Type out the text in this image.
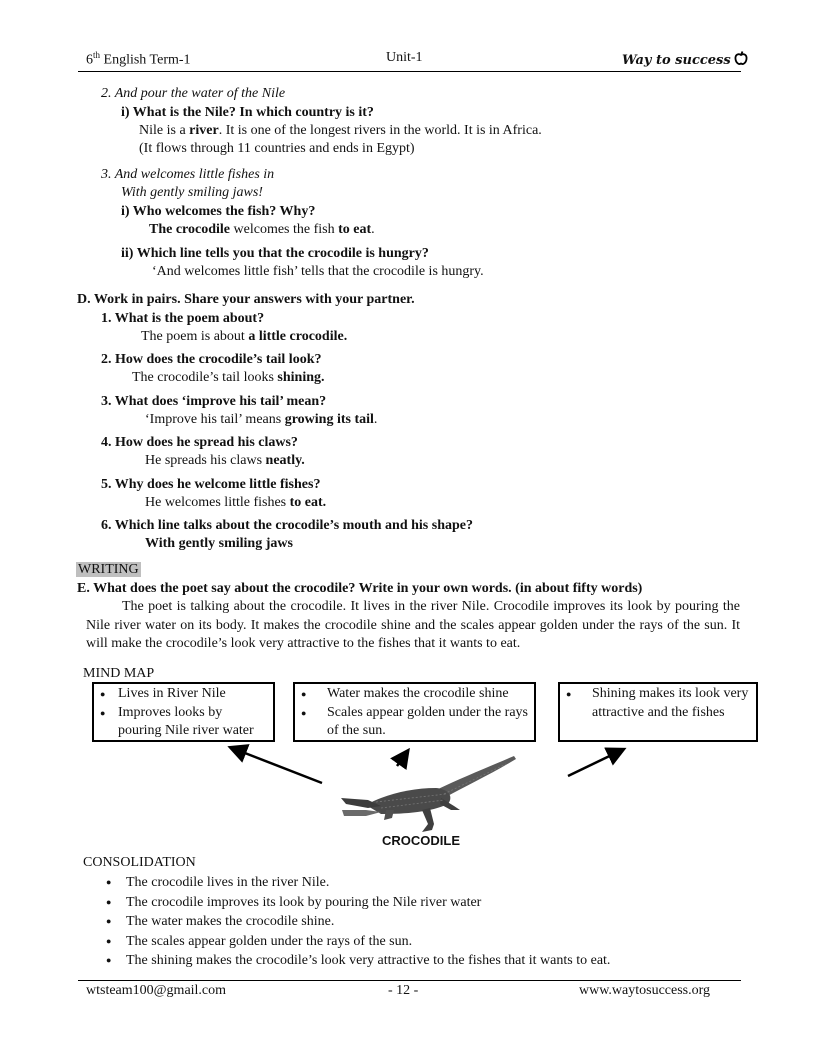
6th English Term-1	Unit-1	Way to success
2. And pour the water of the Nile
i) What is the Nile? In which country is it?
Nile is a river. It is one of the longest rivers in the world. It is in Africa.
(It flows through 11 countries and ends in Egypt)
3. And welcomes little fishes in
With gently smiling jaws!
i) Who welcomes the fish? Why?
The crocodile welcomes the fish to eat.
ii) Which line tells you that the crocodile is hungry?
‘And welcomes little fish’ tells that the crocodile is hungry.
D. Work in pairs. Share your answers with your partner.
1. What is the poem about?
The poem is about a little crocodile.
2. How does the crocodile’s tail look?
The crocodile’s tail looks shining.
3. What does ‘improve his tail’ mean?
‘Improve his tail’ means growing its tail.
4. How does he spread his claws?
He spreads his claws neatly.
5. Why does he welcome little fishes?
He welcomes little fishes to eat.
6. Which line talks about the crocodile’s mouth and his shape?
With gently smiling jaws
WRITING
E. What does the poet say about the crocodile? Write in your own words. (in about fifty words)
The poet is talking about the crocodile. It lives in the river Nile. Crocodile improves its look by pouring the Nile river water on its body. It makes the crocodile shine and the scales appear golden under the rays of the sun. It will make the crocodile’s look very attractive to the fishes that it wants to eat.
MIND MAP
● Lives in River Nile
● Improves looks by pouring Nile river water
● Water makes the crocodile shine
● Scales appear golden under the rays of the sun.
● Shining makes its look very attractive and the fishes
CROCODILE
CONSOLIDATION
● The crocodile lives in the river Nile.
● The crocodile improves its look by pouring the Nile river water
● The water makes the crocodile shine.
● The scales appear golden under the rays of the sun.
● The shining makes the crocodile’s look very attractive to the fishes that it wants to eat.
wtsteam100@gmail.com	- 12 -	www.waytosuccess.org
